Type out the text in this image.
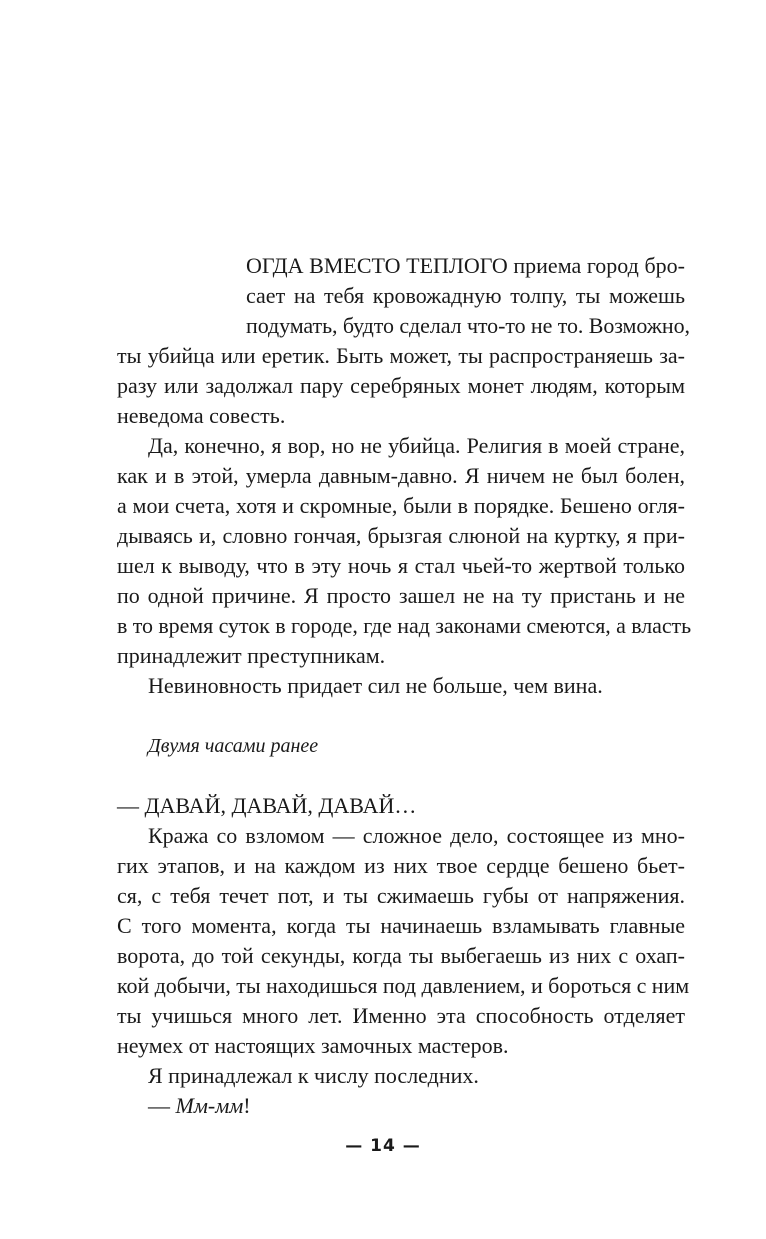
ОГДА ВМЕСТО ТЕПЛОГО приема город бро-
сает на тебя кровожадную толпу, ты можешь
подумать, будто сделал что-то не то. Возможно,
ты убийца или еретик. Быть может, ты распространяешь за-
разу или задолжал пару серебряных монет людям, которым
неведома совесть.
Да, конечно, я вор, но не убийца. Религия в моей стране,
как и в этой, умерла давным-давно. Я ничем не был болен,
а мои счета, хотя и скромные, были в порядке. Бешено огля-
дываясь и, словно гончая, брызгая слюной на куртку, я при-
шел к выводу, что в эту ночь я стал чьей-то жертвой только
по одной причине. Я просто зашел не на ту пристань и не
в то время суток в городе, где над законами смеются, а власть
принадлежит преступникам.
Невиновность придает сил не больше, чем вина.
Двумя часами ранее
— ДАВАЙ, ДАВАЙ, ДАВАЙ…
Кража со взломом — сложное дело, состоящее из мно-
гих этапов, и на каждом из них твое сердце бешено бьет-
ся, с тебя течет пот, и ты сжимаешь губы от напряжения.
С того момента, когда ты начинаешь взламывать главные
ворота, до той секунды, когда ты выбегаешь из них с охап-
кой добычи, ты находишься под давлением, и бороться с ним
ты учишься много лет. Именно эта способность отделяет
неумех от настоящих замочных мастеров.
Я принадлежал к числу последних.
— Мм-мм!
— 14 —
